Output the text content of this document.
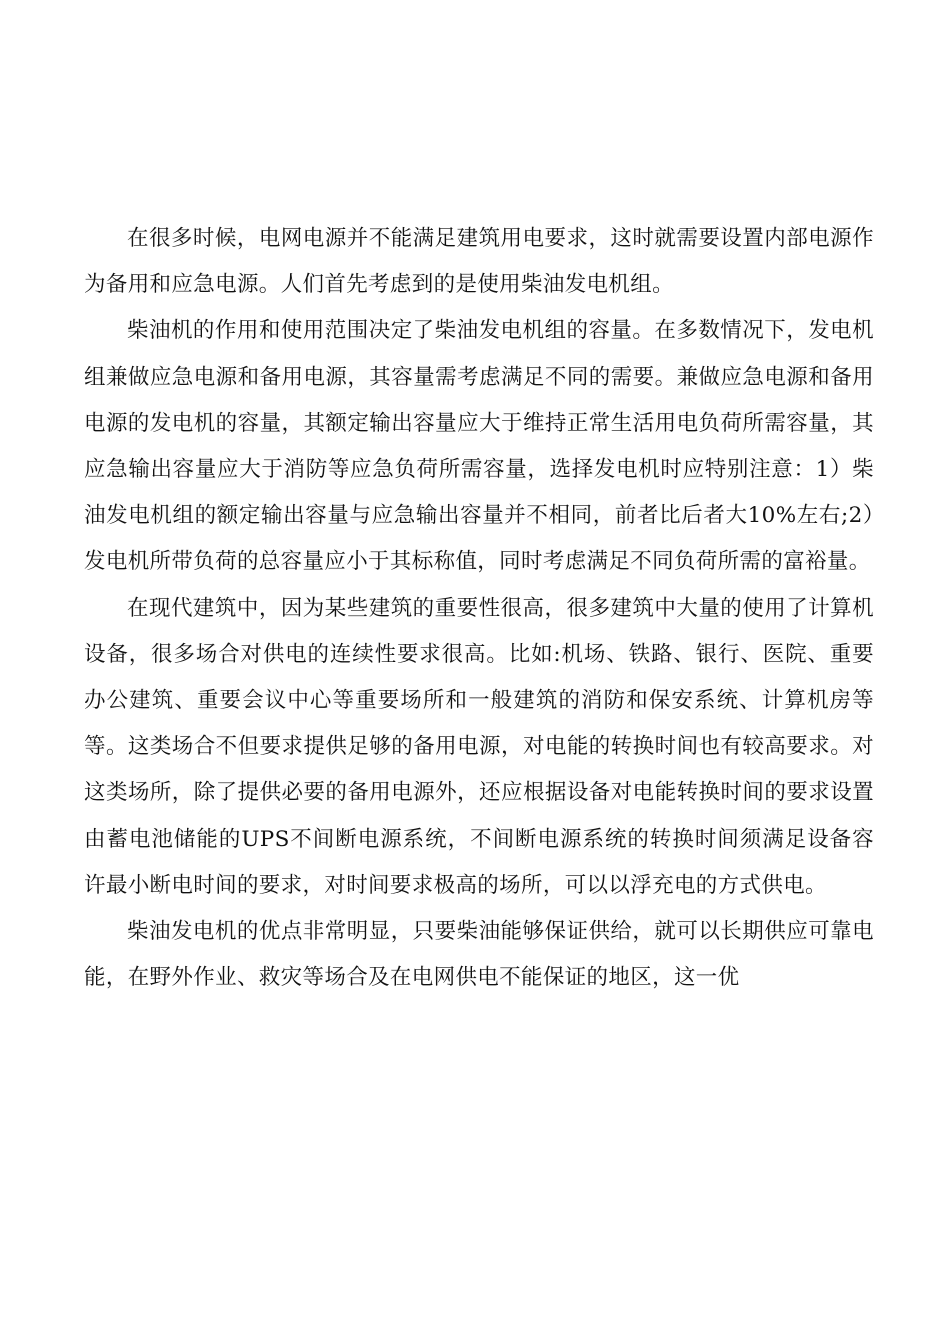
在很多时候，电网电源并不能满足建筑用电要求，这时就需要设置内部电源作为备用和应急电源。人们首先考虑到的是使用柴油发电机组。

柴油机的作用和使用范围决定了柴油发电机组的容量。在多数情况下，发电机组兼做应急电源和备用电源，其容量需考虑满足不同的需要。兼做应急电源和备用电源的发电机的容量，其额定输出容量应大于维持正常生活用电负荷所需容量，其应急输出容量应大于消防等应急负荷所需容量，选择发电机时应特别注意：1）柴油发电机组的额定输出容量与应急输出容量并不相同，前者比后者大10%左右;2）发电机所带负荷的总容量应小于其标称值，同时考虑满足不同负荷所需的富裕量。

在现代建筑中，因为某些建筑的重要性很高，很多建筑中大量的使用了计算机设备，很多场合对供电的连续性要求很高。比如:机场、铁路、银行、医院、重要办公建筑、重要会议中心等重要场所和一般建筑的消防和保安系统、计算机房等等。这类场合不但要求提供足够的备用电源，对电能的转换时间也有较高要求。对这类场所，除了提供必要的备用电源外，还应根据设备对电能转换时间的要求设置由蓄电池储能的UPS不间断电源系统，不间断电源系统的转换时间须满足设备容许最小断电时间的要求，对时间要求极高的场所，可以以浮充电的方式供电。

柴油发电机的优点非常明显，只要柴油能够保证供给，就可以长期供应可靠电能，在野外作业、救灾等场合及在电网供电不能保证的地区，这一优
